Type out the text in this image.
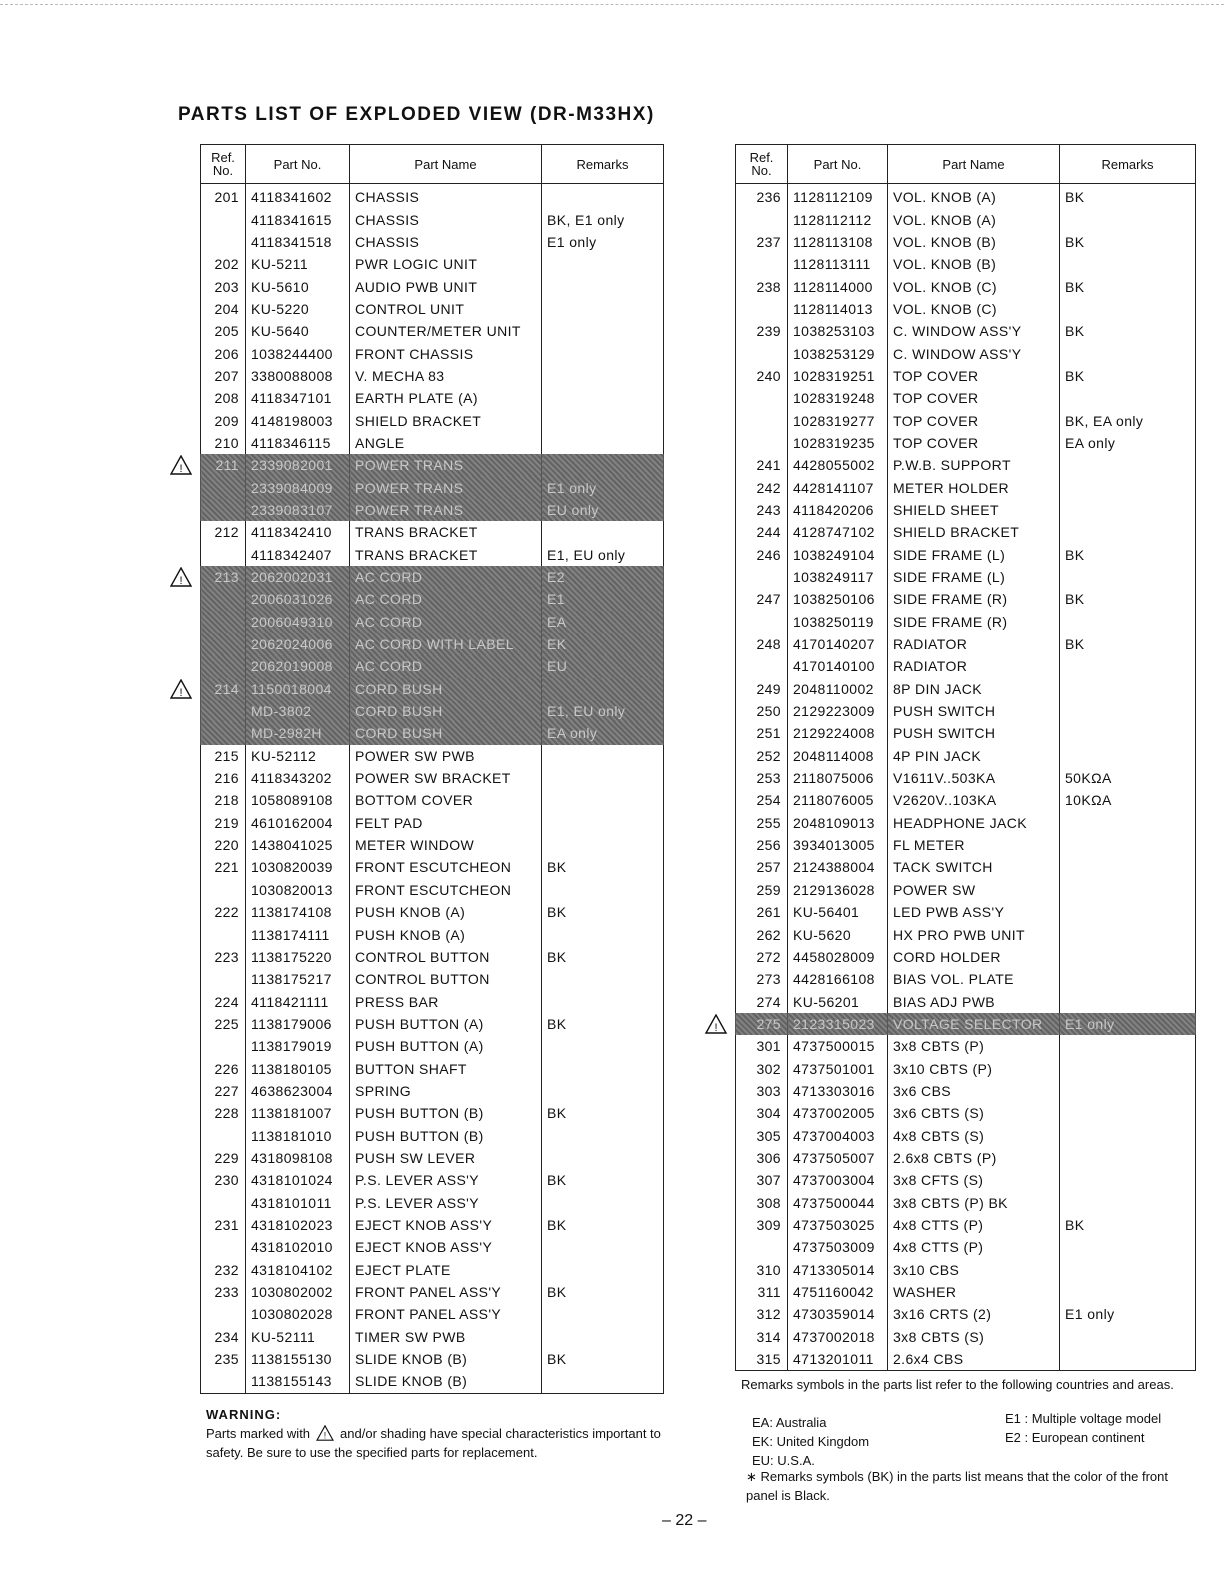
PARTS LIST OF EXPLODED VIEW (DR-M33HX)
Ref.
No.	Part No.	Part Name	Remarks
201	4118341602	CHASSIS	
	4118341615	CHASSIS	BK, E1 only
	4118341518	CHASSIS	E1 only
202	KU-5211	PWR LOGIC UNIT	
203	KU-5610	AUDIO PWB UNIT	
204	KU-5220	CONTROL UNIT	
205	KU-5640	COUNTER/METER UNIT	
206	1038244400	FRONT CHASSIS	
207	3380088008	V. MECHA 83	
208	4118347101	EARTH PLATE (A)	
209	4148198003	SHIELD BRACKET	
210	4118346115	ANGLE	
211	2339082001	POWER TRANS	
	2339084009	POWER TRANS	E1 only
	2339083107	POWER TRANS	EU only
212	4118342410	TRANS BRACKET	
	4118342407	TRANS BRACKET	E1, EU only
213	2062002031	AC CORD	E2
	2006031026	AC CORD	E1
	2006049310	AC CORD	EA
	2062024006	AC CORD WITH LABEL	EK
	2062019008	AC CORD	EU
214	1150018004	CORD BUSH	
	MD-3802	CORD BUSH	E1, EU only
	MD-2982H	CORD BUSH	EA only
215	KU-52112	POWER SW PWB	
216	4118343202	POWER SW BRACKET	
218	1058089108	BOTTOM COVER	
219	4610162004	FELT PAD	
220	1438041025	METER WINDOW	
221	1030820039	FRONT ESCUTCHEON	BK
	1030820013	FRONT ESCUTCHEON	
222	1138174108	PUSH KNOB (A)	BK
	1138174111	PUSH KNOB (A)	
223	1138175220	CONTROL BUTTON	BK
	1138175217	CONTROL BUTTON	
224	4118421111	PRESS BAR	
225	1138179006	PUSH BUTTON (A)	BK
	1138179019	PUSH BUTTON (A)	
226	1138180105	BUTTON SHAFT	
227	4638623004	SPRING	
228	1138181007	PUSH BUTTON (B)	BK
	1138181010	PUSH BUTTON (B)	
229	4318098108	PUSH SW LEVER	
230	4318101024	P.S. LEVER ASS'Y	BK
	4318101011	P.S. LEVER ASS'Y	
231	4318102023	EJECT KNOB ASS'Y	BK
	4318102010	EJECT KNOB ASS'Y	
232	4318104102	EJECT PLATE	
233	1030802002	FRONT PANEL ASS'Y	BK
	1030802028	FRONT PANEL ASS'Y	
234	KU-52111	TIMER SW PWB	
235	1138155130	SLIDE KNOB (B)	BK
	1138155143	SLIDE KNOB (B)	
Ref.
No.	Part No.	Part Name	Remarks
236	1128112109	VOL. KNOB (A)	BK
	1128112112	VOL. KNOB (A)	
237	1128113108	VOL. KNOB (B)	BK
	1128113111	VOL. KNOB (B)	
238	1128114000	VOL. KNOB (C)	BK
	1128114013	VOL. KNOB (C)	
239	1038253103	C. WINDOW ASS'Y	BK
	1038253129	C. WINDOW ASS'Y	
240	1028319251	TOP COVER	BK
	1028319248	TOP COVER	
	1028319277	TOP COVER	BK, EA only
	1028319235	TOP COVER	EA only
241	4428055002	P.W.B. SUPPORT	
242	4428141107	METER HOLDER	
243	4118420206	SHIELD SHEET	
244	4128747102	SHIELD BRACKET	
246	1038249104	SIDE FRAME (L)	BK
	1038249117	SIDE FRAME (L)	
247	1038250106	SIDE FRAME (R)	BK
	1038250119	SIDE FRAME (R)	
248	4170140207	RADIATOR	BK
	4170140100	RADIATOR	
249	2048110002	8P DIN JACK	
250	2129223009	PUSH SWITCH	
251	2129224008	PUSH SWITCH	
252	2048114008	4P PIN JACK	
253	2118075006	V1611V..503KA	50KΩA
254	2118076005	V2620V..103KA	10KΩA
255	2048109013	HEADPHONE JACK	
256	3934013005	FL METER	
257	2124388004	TACK SWITCH	
259	2129136028	POWER SW	
261	KU-56401	LED PWB ASS'Y	
262	KU-5620	HX PRO PWB UNIT	
272	4458028009	CORD HOLDER	
273	4428166108	BIAS VOL. PLATE	
274	KU-56201	BIAS ADJ PWB	
275	2123315023	VOLTAGE SELECTOR	E1 only
301	4737500015	3x8 CBTS (P)	
302	4737501001	3x10 CBTS (P)	
303	4713303016	3x6 CBS	
304	4737002005	3x6 CBTS (S)	
305	4737004003	4x8 CBTS (S)	
306	4737505007	2.6x8 CBTS (P)	
307	4737003004	3x8 CFTS (S)	
308	4737500044	3x8 CBTS (P) BK	
309	4737503025	4x8 CTTS (P)	BK
	4737503009	4x8 CTTS (P)	
310	4713305014	3x10 CBS	
311	4751160042	WASHER	
312	4730359014	3x16 CRTS (2)	E1 only
314	4737002018	3x8 CBTS (S)	
315	4713201011	2.6x4 CBS	
WARNING:
Parts marked with ! and/or shading have special characteristics important to safety. Be sure to use the specified parts for replacement.
Remarks symbols in the parts list refer to the following countries and areas.
EA: Australia
EK: United Kingdom
EU: U.S.A.
E1 : Multiple voltage model
E2 : European continent
∗ Remarks symbols (BK) in the parts list means that the color of the front panel is Black.
– 22 –
!
!
!
!
